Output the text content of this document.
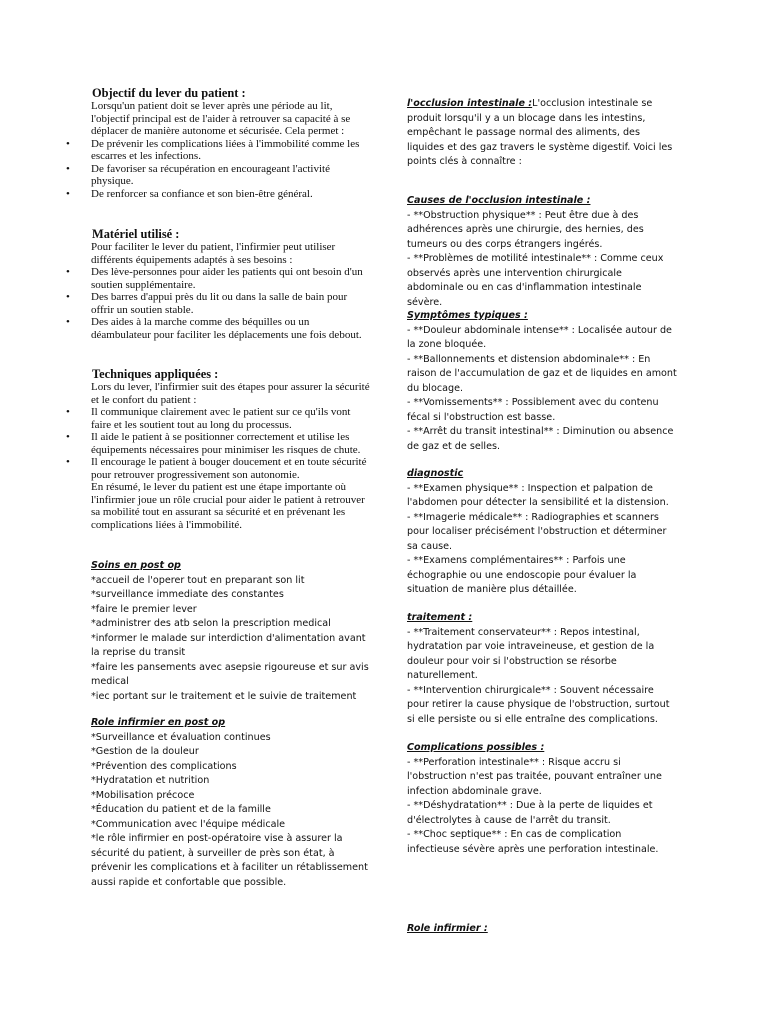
Objectif du lever du patient :
Lorsqu'un patient doit se lever après une période au lit, l'objectif principal est de l'aider à retrouver sa capacité à se déplacer de manière autonome et sécurisée. Cela permet :
• De prévenir les complications liées à l'immobilité comme les escarres et les infections.
• De favoriser sa récupération en encourageant l'activité physique.
• De renforcer sa confiance et son bien-être général.
Matériel utilisé :
Pour faciliter le lever du patient, l'infirmier peut utiliser différents équipements adaptés à ses besoins :
• Des lève-personnes pour aider les patients qui ont besoin d'un soutien supplémentaire.
• Des barres d'appui près du lit ou dans la salle de bain pour offrir un soutien stable.
• Des aides à la marche comme des béquilles ou un déambulateur pour faciliter les déplacements une fois debout.
Techniques appliquées :
Lors du lever, l'infirmier suit des étapes pour assurer la sécurité et le confort du patient :
• Il communique clairement avec le patient sur ce qu'ils vont faire et les soutient tout au long du processus.
• Il aide le patient à se positionner correctement et utilise les équipements nécessaires pour minimiser les risques de chute.
• Il encourage le patient à bouger doucement et en toute sécurité pour retrouver progressivement son autonomie.
En résumé, le lever du patient est une étape importante où l'infirmier joue un rôle crucial pour aider le patient à retrouver sa mobilité tout en assurant sa sécurité et en prévenant les complications liées à l'immobilité.
Soins en post op
*accueil de l'operer tout en preparant son lit
*surveillance immediate des constantes
*faire le premier lever
*administrer des atb selon la prescription medical
*informer le malade sur interdiction d'alimentation avant la reprise du transit
*faire les pansements avec asepsie rigoureuse et sur avis medical
*iec portant sur le traitement et le suivie de traitement
Role infirmier en post op
*Surveillance et évaluation continues
*Gestion de la douleur
*Prévention des complications
*Hydratation et nutrition
*Mobilisation précoce
*Éducation du patient et de la famille
*Communication avec l'équipe médicale
*le rôle infirmier en post-opératoire vise à assurer la sécurité du patient, à surveiller de près son état, à prévenir les complications et à faciliter un rétablissement aussi rapide et confortable que possible.
l'occlusion intestinale :L'occlusion intestinale se produit lorsqu'il y a un blocage dans les intestins, empêchant le passage normal des aliments, des liquides et des gaz travers le système digestif. Voici les points clés à connaître :
Causes de l'occlusion intestinale :
- **Obstruction physique** : Peut être due à des adhérences après une chirurgie, des hernies, des tumeurs ou des corps étrangers ingérés.
- **Problèmes de motilité intestinale** : Comme ceux observés après une intervention chirurgicale abdominale ou en cas d'inflammation intestinale sévère.
Symptômes typiques :
- **Douleur abdominale intense** : Localisée autour de la zone bloquée.
- **Ballonnements et distension abdominale** : En raison de l'accumulation de gaz et de liquides en amont du blocage.
- **Vomissements** : Possiblement avec du contenu fécal si l'obstruction est basse.
- **Arrêt du transit intestinal** : Diminution ou absence de gaz et de selles.
diagnostic
- **Examen physique** : Inspection et palpation de l'abdomen pour détecter la sensibilité et la distension.
- **Imagerie médicale** : Radiographies et scanners pour localiser précisément l'obstruction et déterminer sa cause.
- **Examens complémentaires** : Parfois une échographie ou une endoscopie pour évaluer la situation de manière plus détaillée.
traitement :
- **Traitement conservateur** : Repos intestinal, hydratation par voie intraveineuse, et gestion de la douleur pour voir si l'obstruction se résorbe naturellement.
- **Intervention chirurgicale** : Souvent nécessaire pour retirer la cause physique de l'obstruction, surtout si elle persiste ou si elle entraîne des complications.
Complications possibles :
- **Perforation intestinale** : Risque accru si l'obstruction n'est pas traitée, pouvant entraîner une infection abdominale grave.
- **Déshydratation** : Due à la perte de liquides et d'électrolytes à cause de l'arrêt du transit.
- **Choc septique** : En cas de complication infectieuse sévère après une perforation intestinale.
Role infirmier :
